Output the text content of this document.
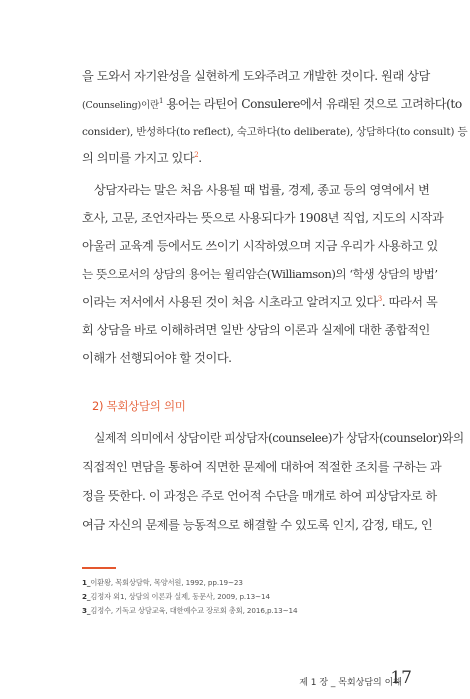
을 도와서 자기완성을 실현하게 도와주려고 개발한 것이다. 원래 상담
(Counseling)이란$^1$ 용어는 라틴어 Consulere에서 유래된 것으로 고려하다(to
consider), 반성하다(to reflect), 숙고하다(to deliberate), 상담하다(to consult) 등
의 의미를 가지고 있다$^2$.
상담자라는 말은 처음 사용될 때 법률, 경제, 종교 등의 영역에서 변
호사, 고문, 조언자라는 뜻으로 사용되다가 1908년 직업, 지도의 시작과
아울러 교육계 등에서도 쓰이기 시작하였으며 지금 우리가 사용하고 있
는 뜻으로서의 상담의 용어는 윌리암슨(Williamson)의 ‘학생 상담의 방법’
이라는 저서에서 사용된 것이 처음 시초라고 알려지고 있다$^3$. 따라서 목
회 상담을 바로 이해하려면 일반 상담의 이론과 실제에 대한 종합적인
이해가 선행되어야 할 것이다.
2) 목회상담의 의미
실제적 의미에서 상담이란 피상담자(counselee)가 상담자(counselor)와의
직접적인 면담을 통하여 직면한 문제에 대하여 적절한 조치를 구하는 과
정을 뜻한다. 이 과정은 주로 언어적 수단을 매개로 하여 피상담자로 하
여금 자신의 문제를 능동적으로 해결할 수 있도록 인지, 감정, 태도, 인
1_이환왕, 목회상담학, 목양서원, 1992, pp.19~23
2_김정자 외1, 상담의 이론과 실제, 동문사, 2009, p.13~14
3_김정수, 기독교 상담교육, 대한예수교 장로회 총회, 2016,p.13~14
제 1 장 _ 목회상담의 이해
17
